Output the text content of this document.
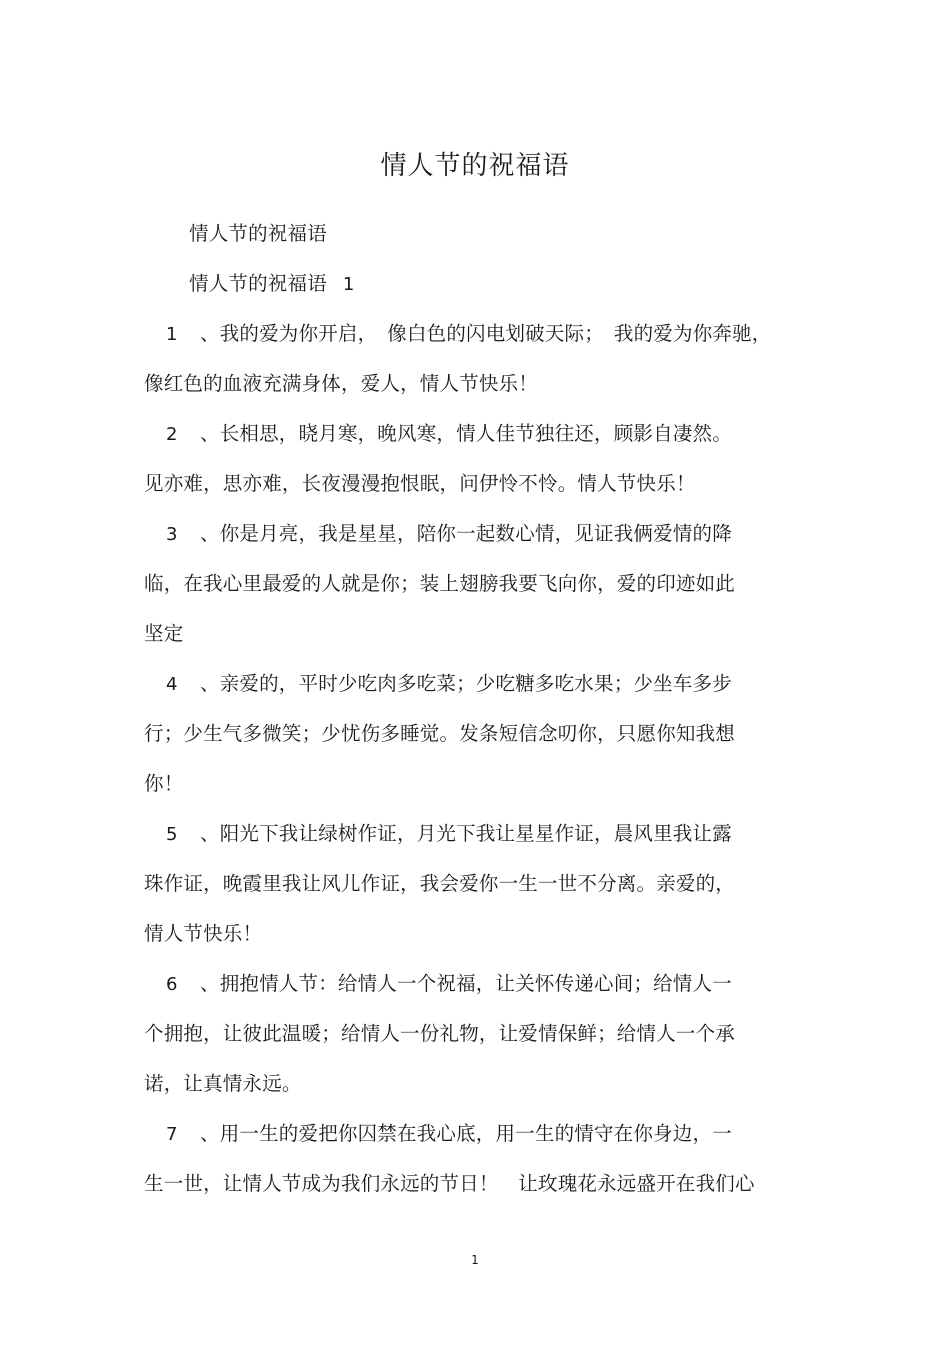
情人节的祝福语
情人节的祝福语
情人节的祝福语 1
1 、我的爱为你开启，　像白色的闪电划破天际；　我的爱为你奔驰，
像红色的血液充满身体，爱人，情人节快乐！
2 、长相思，晓月寒，晚风寒，情人佳节独往还，顾影自凄然。
见亦难，思亦难，长夜漫漫抱恨眠，问伊怜不怜。情人节快乐！
3 、你是月亮，我是星星，陪你一起数心情，见证我俩爱情的降
临，在我心里最爱的人就是你；装上翅膀我要飞向你，爱的印迹如此
坚定
4 、亲爱的，平时少吃肉多吃菜；少吃糖多吃水果；少坐车多步
行；少生气多微笑；少忧伤多睡觉。发条短信念叨你，只愿你知我想
你！
5 、阳光下我让绿树作证，月光下我让星星作证，晨风里我让露
珠作证，晚霞里我让风儿作证，我会爱你一生一世不分离。亲爱的，
情人节快乐！
6 、拥抱情人节：给情人一个祝福，让关怀传递心间；给情人一
个拥抱，让彼此温暖；给情人一份礼物，让爱情保鲜；给情人一个承
诺，让真情永远。
7 、用一生的爱把你囚禁在我心底，用一生的情守在你身边，一
生一世，让情人节成为我们永远的节日！　让玫瑰花永远盛开在我们心
1
